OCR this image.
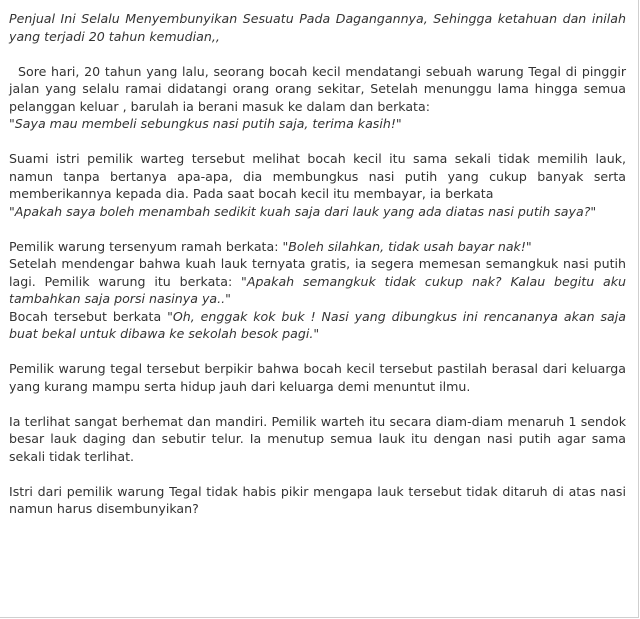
Penjual Ini Selalu Menyembunyikan Sesuatu Pada Dagangannya, Sehingga ketahuan dan inilah yang terjadi 20 tahun kemudian,,

Sore hari, 20 tahun yang lalu, seorang bocah kecil mendatangi sebuah warung Tegal di pinggir jalan yang selalu ramai didatangi orang orang sekitar, Setelah menunggu lama hingga semua pelanggan keluar , barulah ia berani masuk ke dalam dan berkata:
"Saya mau membeli sebungkus nasi putih saja, terima kasih!"

Suami istri pemilik warteg tersebut melihat bocah kecil itu sama sekali tidak memilih lauk, namun tanpa bertanya apa-apa, dia membungkus nasi putih yang cukup banyak serta memberikannya kepada dia. Pada saat bocah kecil itu membayar, ia berkata
"Apakah saya boleh menambah sedikit kuah saja dari lauk yang ada diatas nasi putih saya?"

Pemilik warung tersenyum ramah berkata: "Boleh silahkan, tidak usah bayar nak!"

Setelah mendengar bahwa kuah lauk ternyata gratis, ia segera memesan semangkuk nasi putih lagi. Pemilik warung itu berkata: "Apakah semangkuk tidak cukup nak? Kalau begitu aku tambahkan saja porsi nasinya ya.."

Bocah tersebut berkata "Oh, enggak kok buk ! Nasi yang dibungkus ini rencananya akan saja buat bekal untuk dibawa ke sekolah besok pagi."

Pemilik warung tegal tersebut berpikir bahwa bocah kecil tersebut pastilah berasal dari keluarga yang kurang mampu serta hidup jauh dari keluarga demi menuntut ilmu.

Ia terlihat sangat berhemat dan mandiri. Pemilik warteh itu secara diam-diam menaruh 1 sendok besar lauk daging dan sebutir telur. Ia menutup semua lauk itu dengan nasi putih agar sama sekali tidak terlihat.

Istri dari pemilik warung Tegal tidak habis pikir mengapa lauk tersebut tidak ditaruh di atas nasi namun harus disembunyikan?
